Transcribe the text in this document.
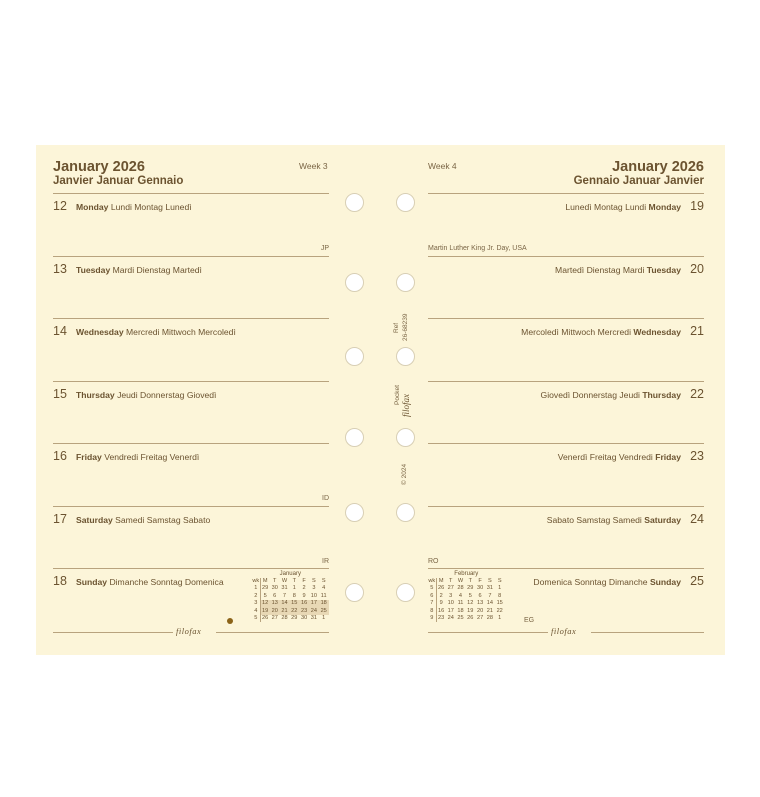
January 2026
Janvier Januar Gennaio
Week 3
12 Monday Lundi Montag Lunedì
JP
13 Tuesday Mardi Dienstag Martedì
14 Wednesday Mercredi Mittwoch Mercoledì
15 Thursday Jeudi Donnerstag Giovedì
16 Friday Vendredi Freitag Venerdì
ID
17 Saturday Samedi Samstag Sabato
IR
18 Sunday Dimanche Sonntag Domenica
January
wk	M	T	W	T	F	S	S
1	29	30	31	1	2	3	4
2	5	6	7	8	9	10	11
3	12	13	14	15	16	17	18
4	19	20	21	22	23	24	25
5	26	27	28	29	30	31	1
filofax
Week 4	January 2026
Gennaio Januar Janvier
19
Lunedì Montag Lundi Monday
Martin Luther King Jr. Day, USA
20
Martedì Dienstag Mardi Tuesday
21
Mercoledì Mittwoch Mercredi Wednesday
22
Giovedì Donnerstag Jeudi Thursday
23
Venerdì Freitag Vendredi Friday
24
Sabato Samstag Samedi Saturday
RO
25
Domenica Sonntag Dimanche Sunday
EG
February
wk	M	T	W	T	F	S	S
5	26	27	28	29	30	31	1
6	2	3	4	5	6	7	8
7	9	10	11	12	13	14	15
8	16	17	18	19	20	21	22
9	23	24	25	26	27	28	1
filofax
Ref 26-68239
Pocket filofax
© 2024
